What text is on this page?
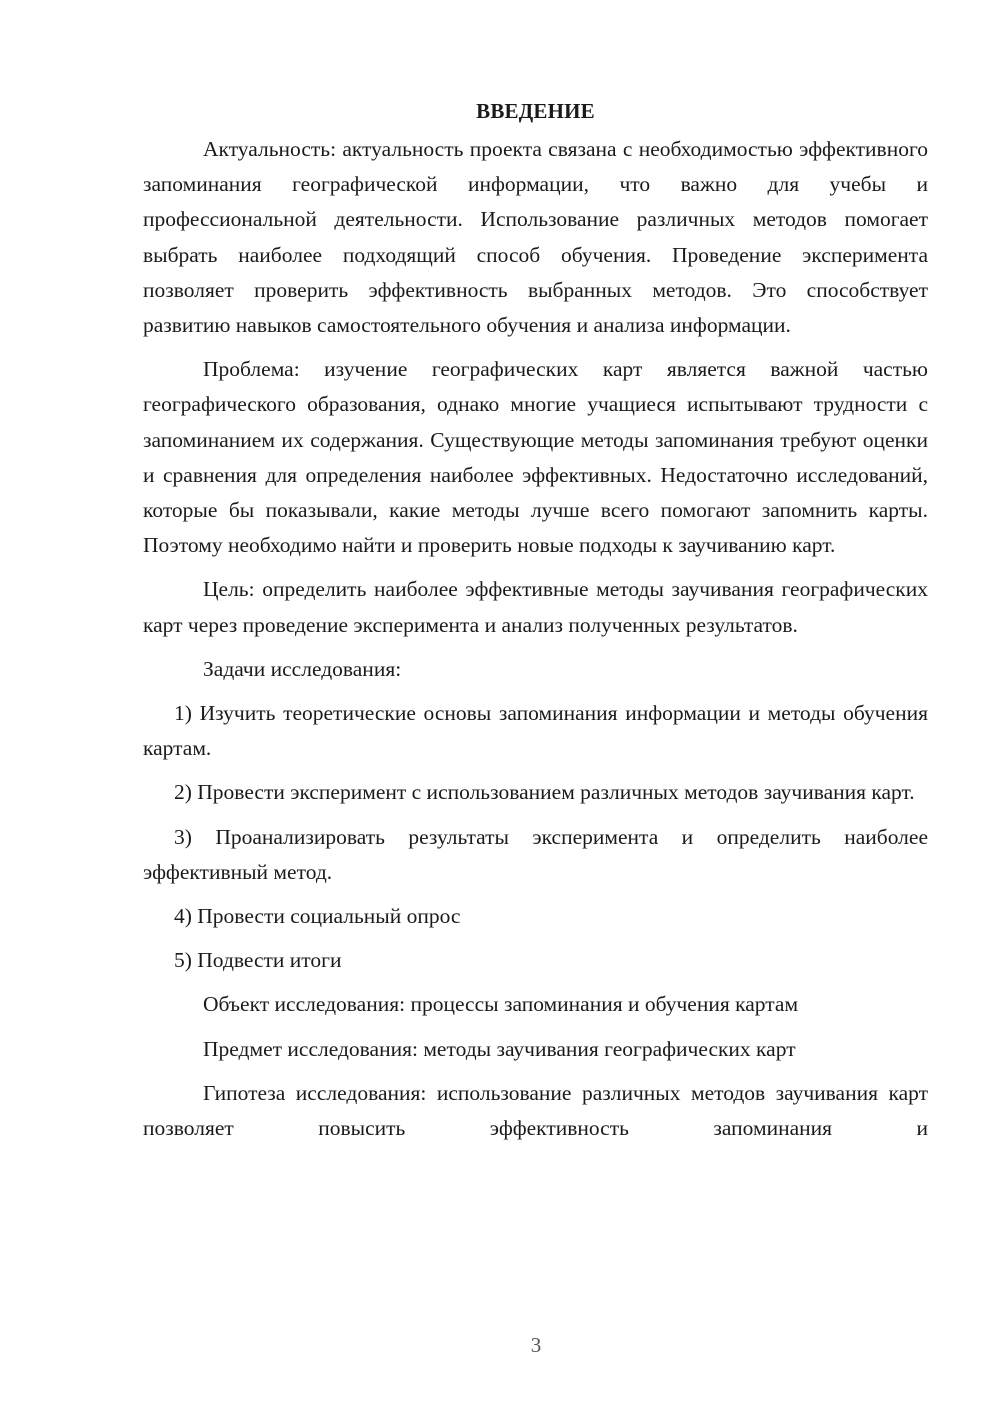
ВВЕДЕНИЕ

Актуальность: актуальность проекта связана с необходимостью эффективного запоминания географической информации, что важно для учебы и профессиональной деятельности. Использование различных методов помогает выбрать наиболее подходящий способ обучения. Проведение эксперимента позволяет проверить эффективность выбранных методов. Это способствует развитию навыков самостоятельного обучения и анализа информации.

Проблема: изучение географических карт является важной частью географического образования, однако многие учащиеся испытывают трудности с запоминанием их содержания. Существующие методы запоминания требуют оценки и сравнения для определения наиболее эффективных. Недостаточно исследований, которые бы показывали, какие методы лучше всего помогают запомнить карты. Поэтому необходимо найти и проверить новые подходы к заучиванию карт.

Цель: определить наиболее эффективные методы заучивания географических карт через проведение эксперимента и анализ полученных результатов.

Задачи исследования:

1) Изучить теоретические основы запоминания информации и методы обучения картам.

2) Провести эксперимент с использованием различных методов заучивания карт.

3) Проанализировать результаты эксперимента и определить наиболее эффективный метод.

4) Провести социальный опрос

5) Подвести итоги

Объект исследования: процессы запоминания и обучения картам

Предмет исследования: методы заучивания географических карт

Гипотеза исследования: использование различных методов заучивания карт позволяет повысить эффективность запоминания и

3
